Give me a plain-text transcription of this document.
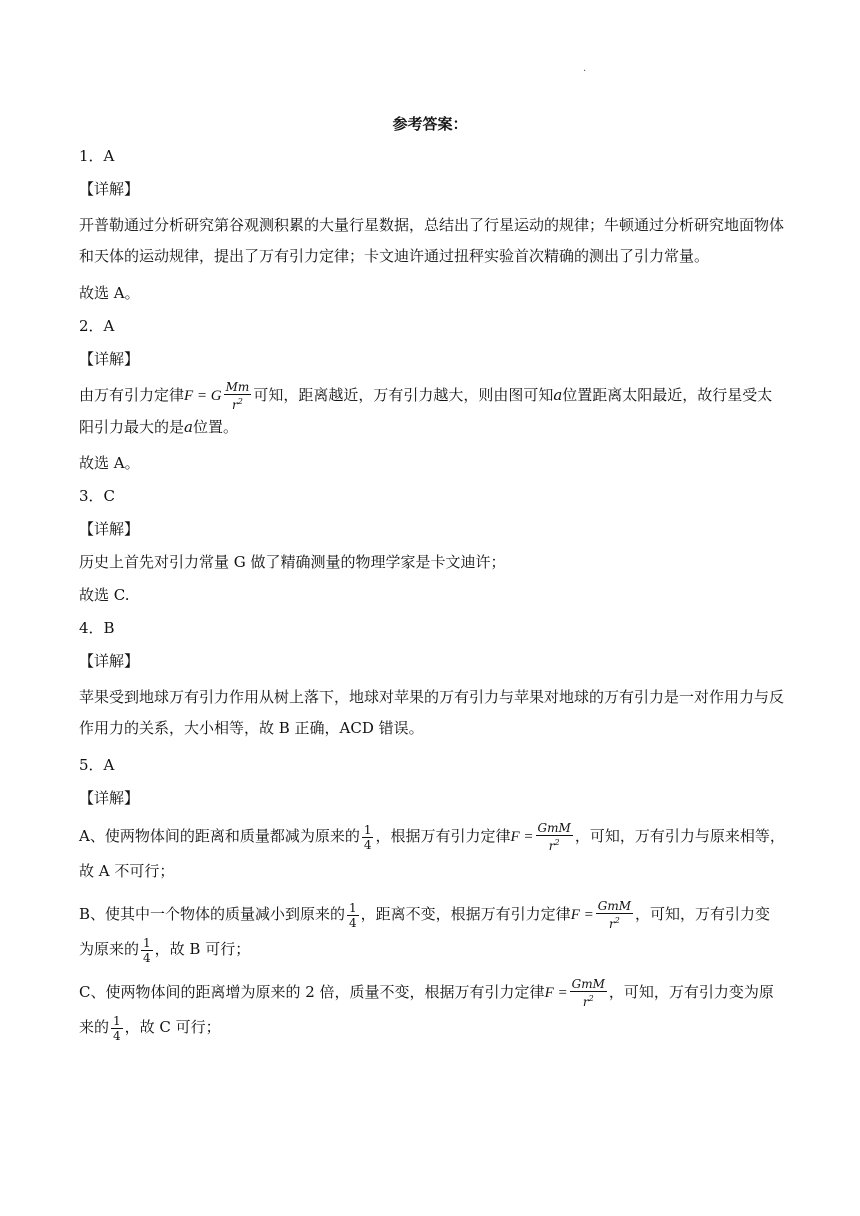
·
参考答案：

1．A

【详解】

开普勒通过分析研究第谷观测积累的大量行星数据，总结出了行星运动的规律；牛顿通过分析研究地面物体和天体的运动规律，提出了万有引力定律；卡文迪许通过扭秤实验首次精确的测出了引力常量。

故选 A。

2．A

【详解】

由万有引力定律F = G $\frac{Mm}{r^2}$ 可知，距离越近，万有引力越大，则由图可知a位置距离太阳最近，故行星受太阳引力最大的是a位置。

故选 A。

3．C

【详解】

历史上首先对引力常量 G 做了精确测量的物理学家是卡文迪许；

故选 C.

4．B

【详解】

苹果受到地球万有引力作用从树上落下，地球对苹果的万有引力与苹果对地球的万有引力是一对作用力与反作用力的关系，大小相等，故 B 正确，ACD 错误。

5．A

【详解】

A、使两物体间的距离和质量都减为原来的 $\frac{1}{4}$ ，根据万有引力定律$F = \frac{\text{GmM}}{r^2}$ ，可知，万有引力与原来相等，
故 A 不可行；

B、使其中一个物体的质量减小到原来的 $\frac{1}{4}$ ，距离不变，根据万有引力定律$F = \frac{\text{GmM}}{r^2}$ ，可知，万有引力变
为原来的 $\frac{1}{4}$ ，故 B 可行；

C、使两物体间的距离增为原来的 2 倍，质量不变，根据万有引力定律$F = \frac{\text{GmM}}{r^2}$ ，可知，万有引力变为原
来的 $\frac{1}{4}$ ，故 C 可行；
